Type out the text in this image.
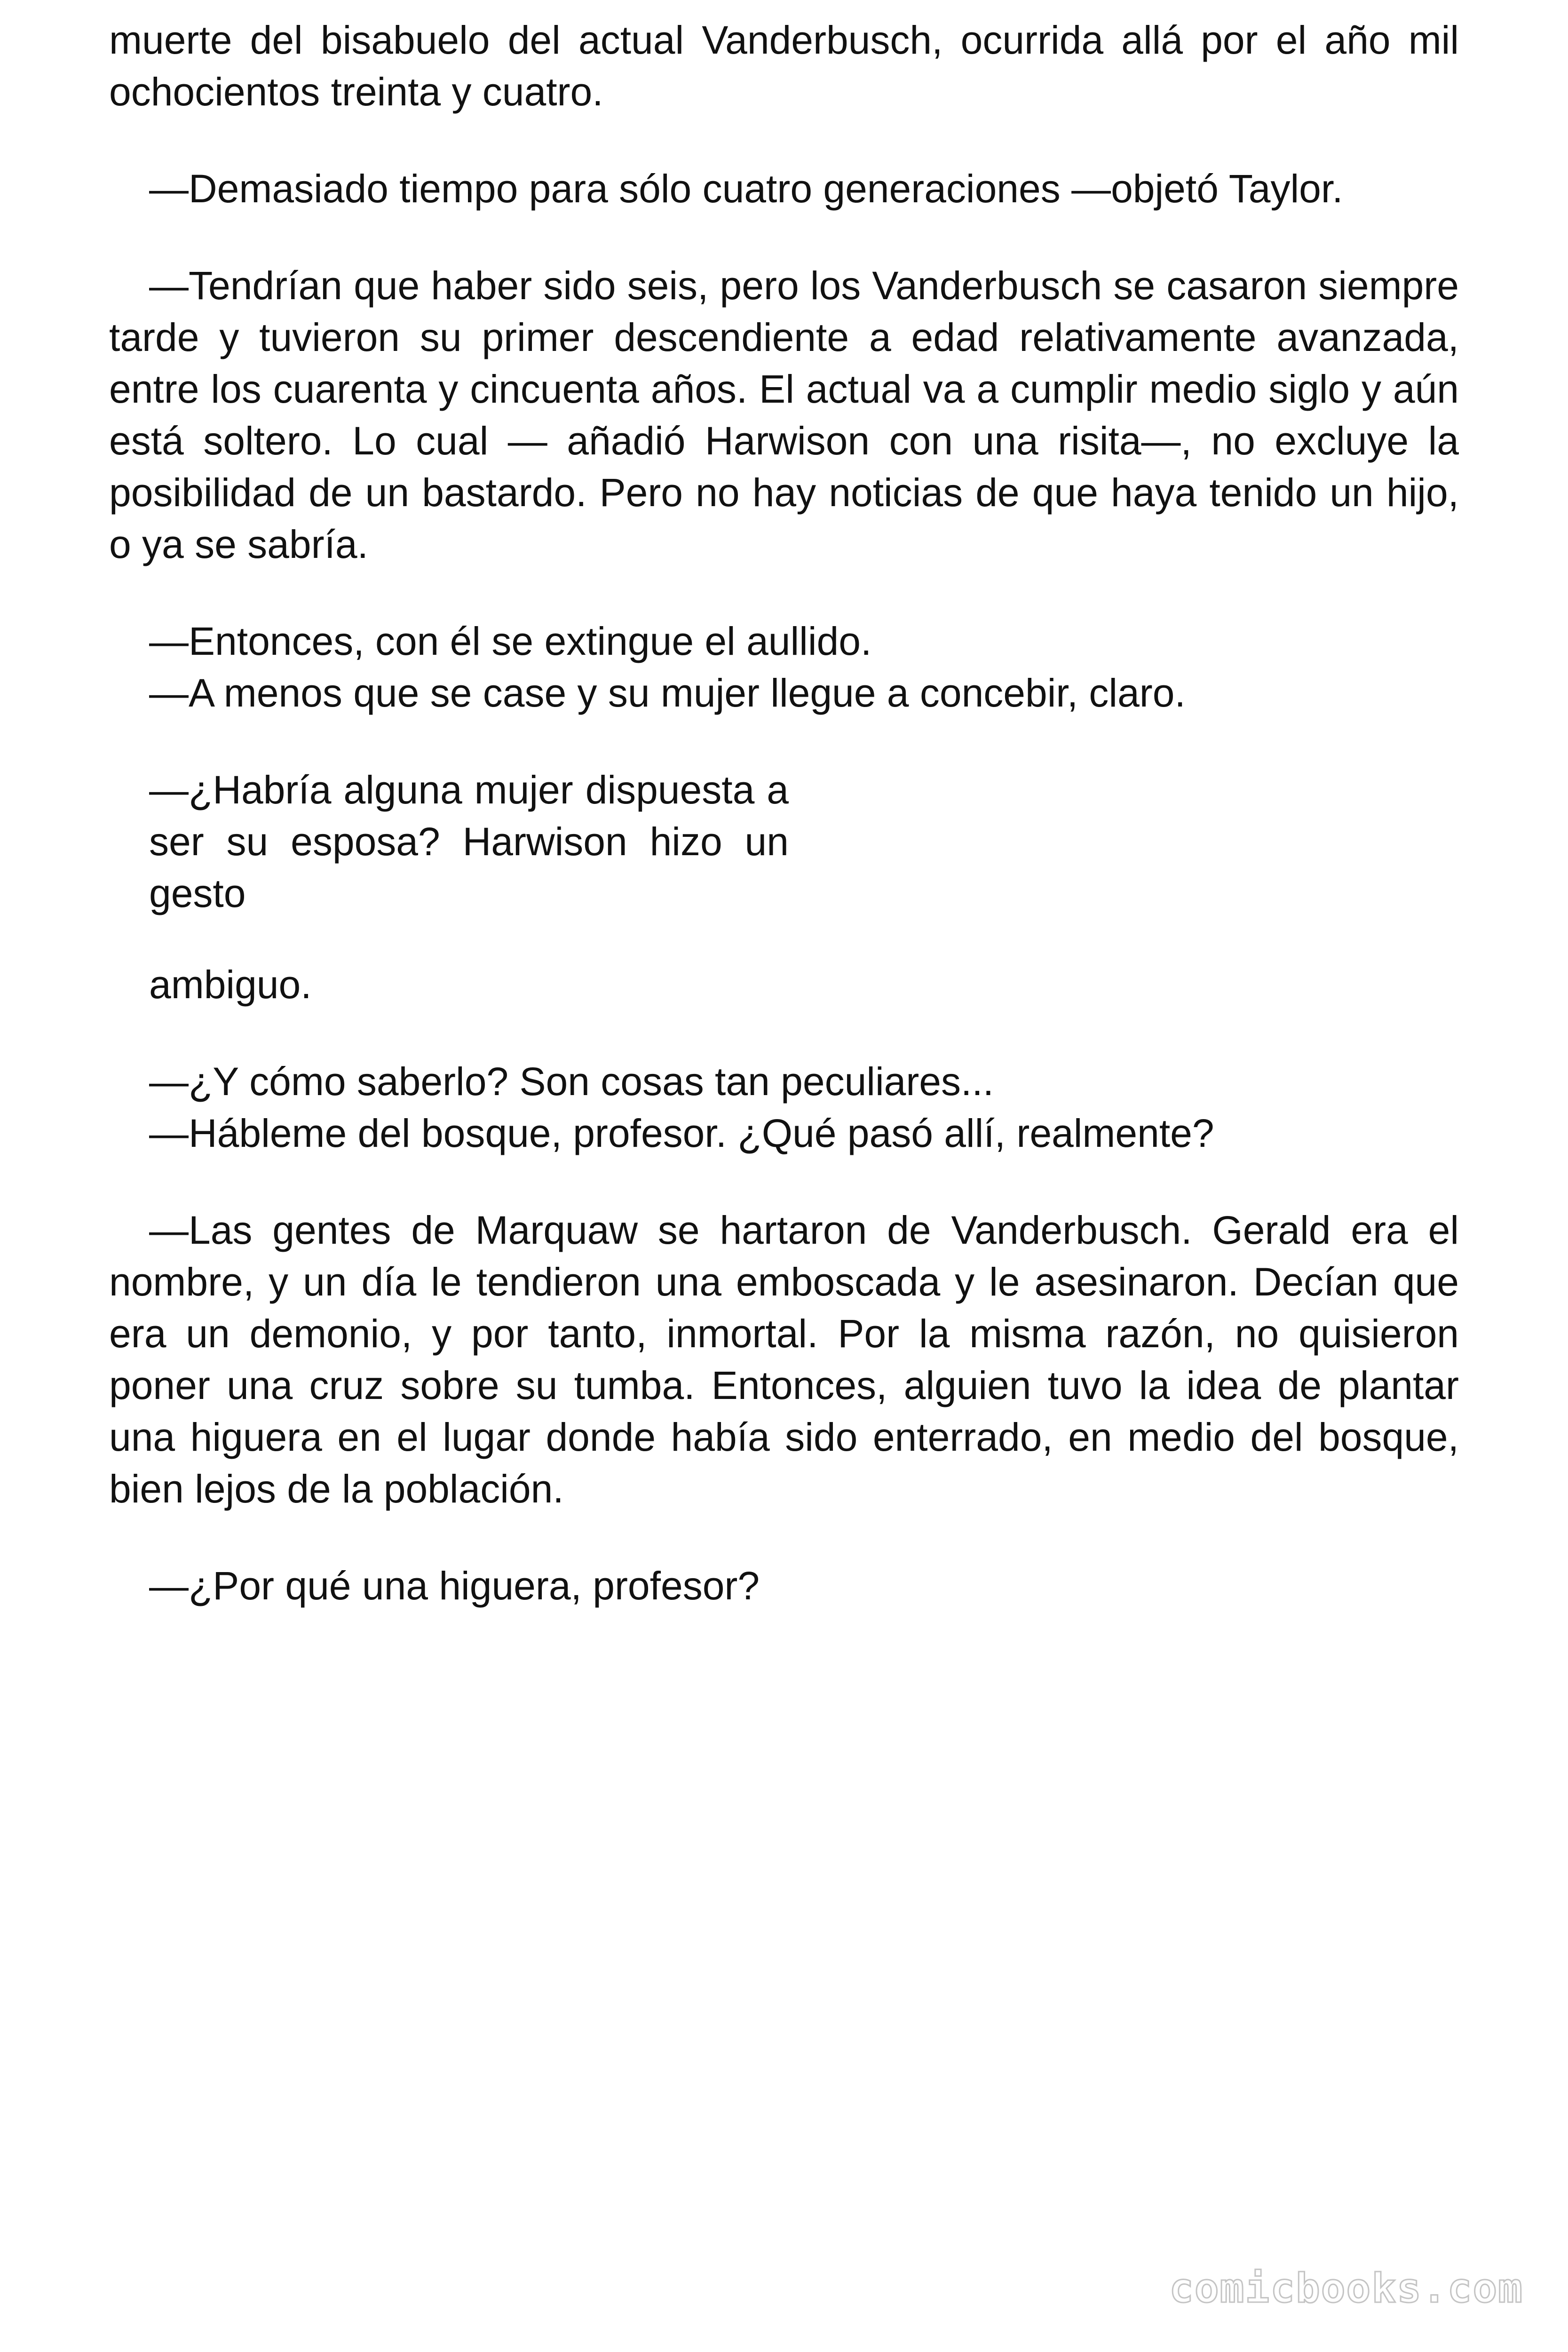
muerte del bisabuelo del actual Vanderbusch, ocurrida allá por el año mil ochocientos treinta y cuatro.

—Demasiado tiempo para sólo cuatro generaciones —objetó Taylor.

—Tendrían que haber sido seis, pero los Vanderbusch se casaron siempre tarde y tuvieron su primer descendiente a edad relativamente avanzada, entre los cuarenta y cincuenta años. El actual va a cumplir medio siglo y aún está soltero. Lo cual — añadió Harwison con una risita—, no excluye la posibilidad de un bastardo. Pero no hay noticias de que haya tenido un hijo, o ya se sabría.

—Entonces, con él se extingue el aullido.

—A menos que se case y su mujer llegue a concebir, claro.

—¿Habría alguna mujer dispuesta a ser su esposa? Harwison hizo un gesto

ambiguo.

—¿Y cómo saberlo? Son cosas tan peculiares...

—Hábleme del bosque, profesor. ¿Qué pasó allí, realmente?

—Las gentes de Marquaw se hartaron de Vanderbusch. Gerald era el nombre, y un día le tendieron una emboscada y le asesinaron. Decían que era un demonio, y por tanto, inmortal. Por la misma razón, no quisieron poner una cruz sobre su tumba. Entonces, alguien tuvo la idea de plantar una higuera en el lugar donde había sido enterrado, en medio del bosque, bien lejos de la población.

—¿Por qué una higuera, profesor?

comicbooks.com
